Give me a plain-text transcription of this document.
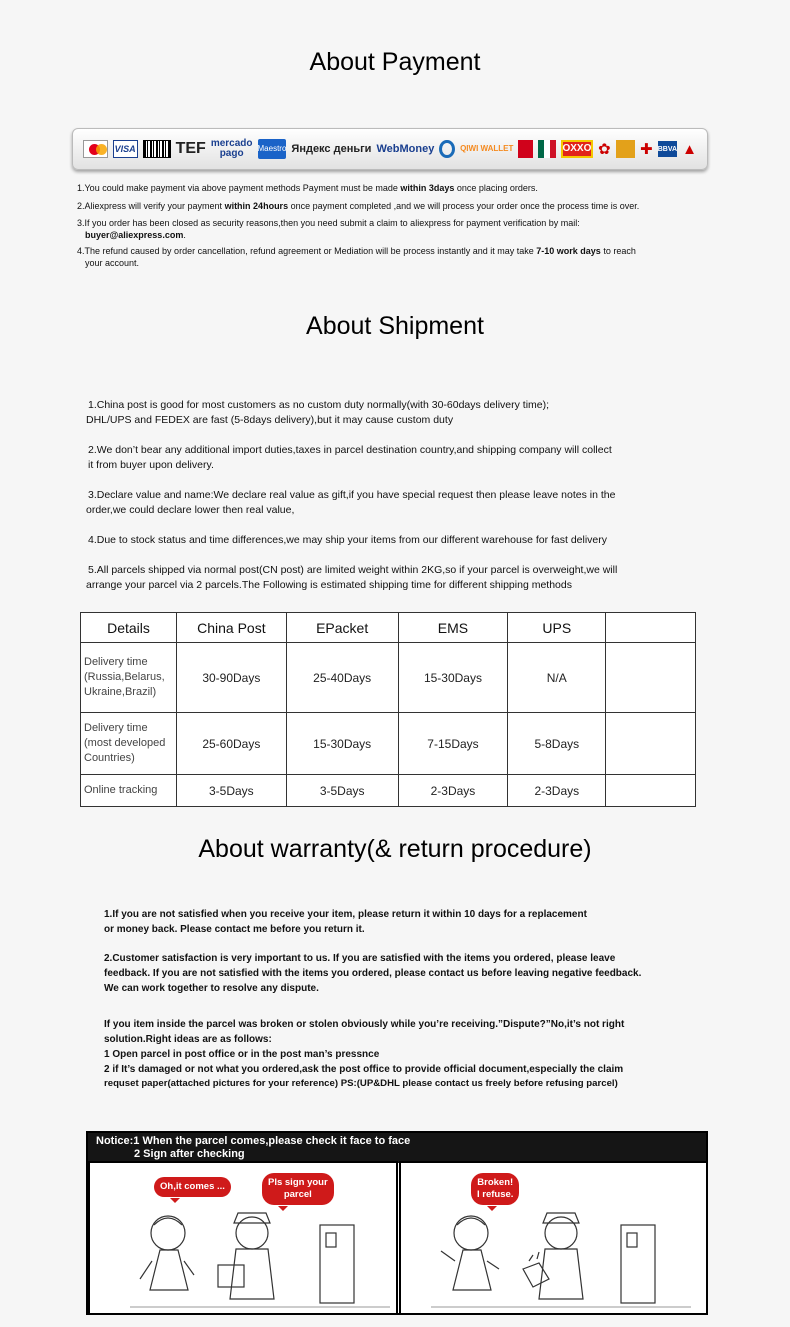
About Payment
VISA TEF mercado
pago Maestro Яндекс деньги WebMoney	QIWI WALLET	OXXO ✿ ✚ BBVA ▲

1.You could make payment via above payment methods Payment must be made within 3days once placing orders.

2.Aliexpress will verify your payment within 24hours once payment completed ,and we will process your order once the process time is over.

3.If you order has been closed as security reasons,then you need submit a claim to aliexpress for payment verification by mail:

buyer@aliexpress.com.

4.The refund caused by order cancellation, refund agreement or Mediation will be process instantly and it may take 7-10 work days to reach

your account.

About Shipment

1.China post is good for most customers as no custom duty normally(with 30-60days delivery time);

DHL/UPS and FEDEX are fast (5-8days delivery),but it may cause custom duty

2.We don’t bear any additional import duties,taxes in parcel destination country,and shipping company will collect

it from buyer upon delivery.

3.Declare value and name:We declare real value as gift,if you have special request then please leave notes in the

order,we could declare lower then real value,

4.Due to stock status and time differences,we may ship your items from our different warehouse for fast delivery

5.All parcels shipped via normal post(CN post) are limited weight within 2KG,so if your parcel is overweight,we will

arrange your parcel via 2 parcels.The Following is estimated shipping time for different shipping methods

Details	China Post	EPacket	EMS	UPS	

Delivery time
(Russia,Belarus,
Ukraine,Brazil)	30-90Days	25-40Days	15-30Days	N/A	

Delivery time
(most developed
Countries)	25-60Days	15-30Days	7-15Days	5-8Days	

Online tracking	3-5Days	3-5Days	2-3Days	2-3Days	
About warranty(& return procedure)

1.If you are not satisfied when you receive your item, please return it within 10 days for a replacement

or money back. Please contact me before you return it.

2.Customer satisfaction is very important to us. If you are satisfied with the items you ordered, please leave

feedback. If you are not satisfied with the items you ordered, please contact us before leaving negative feedback.

We can work together to resolve any dispute.

If you item inside the parcel was broken or stolen obviously while you’re receiving.”Dispute?”No,it’s not right

solution.Right ideas are as follows:

1 Open parcel in post office or in the post man’s pressnce

2 if It’s damaged or not what you ordered,ask the post office to provide official document,especially the claim

requset paper(attached pictures for your reference) PS:(UP&DHL please contact us freely before refusing parcel)

Notice:1 When the parcel comes,please check it face to face
2 Sign after checking
Oh,it comes ...	Pls sign your
parcel
Broken!
I refuse.
